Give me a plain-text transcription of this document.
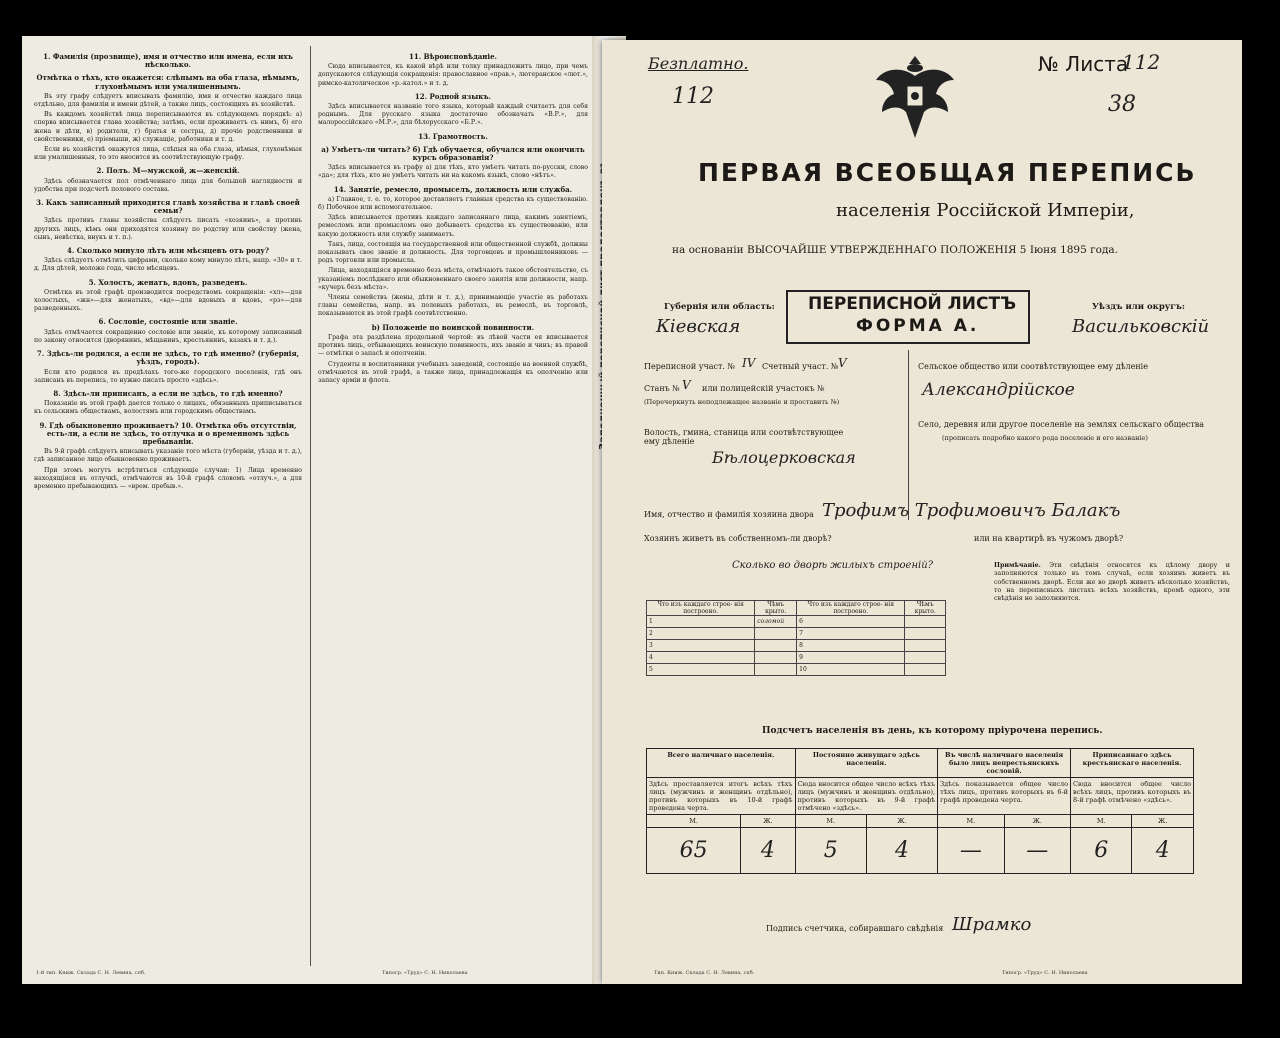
1. Фамилія (прозвище), имя и отчество или имена, если ихъ нѣсколько.
Отмѣтка о тѣхъ, кто окажется: слѣпымъ на оба глаза, нѣмымъ, глухонѣмымъ или умалишеннымъ.

Въ эту графу слѣдуетъ вписывать фамилію, имя и отчество каждаго лица отдѣльно, для фамиліи и имени дѣтей, а также лицъ, состоящихъ въ хозяйствѣ.

Въ каждомъ хозяйствѣ лица переписываются въ слѣдующемъ порядкѣ: а) сперва вписывается глава хозяйства; затѣмъ, если проживаетъ съ нимъ, б) его жена и дѣти, в) родители, г) братья и сестры, д) прочіе родственники и свойственники, е) пріемыши, ж) служащіе, работники и т. д.

Если въ хозяйствѣ окажутся лица, слѣпыя на оба глаза, нѣмыя, глухонѣмыя или умалишенныя, то это вносится въ соотвѣтствующую графу.

2. Полъ. М—мужской, ж—женскій.

Здѣсь обозначается пол отмѣченнаго лица для большей наглядности и удобства при подсчетѣ полового состава.

3. Какъ записанный приходится главѣ хозяйства и главѣ своей семьи?

Здѣсь противъ главы хозяйства слѣдуетъ писать «хозяинъ», а противъ другихъ лицъ, кѣмъ они приходятся хозяину по родству или свойству (жена, сынъ, невѣстка, внукъ и т. п.).

4. Сколько минуло лѣтъ или мѣсяцевъ отъ роду?

Здѣсь слѣдуетъ отмѣтить цифрами, сколько кому минуло лѣтъ, напр. «30» и т. д. Для дѣтей, моложе года, число мѣсяцевъ.

5. Холостъ, женатъ, вдовъ, разведенъ.

Отмѣтка въ этой графѣ производится посредствомъ сокращенія: «хл»—для холостыхъ, «жн»—для женатыхъ, «вд»—для вдовыхъ и вдовъ, «рз»—для разведенныхъ.

6. Сословіе, состояніе или званіе.

Здѣсь отмѣчается сокращенно сословіе или званіе, къ которому записанный по закону относится (дворянинъ, мѣщанинъ, крестьянинъ, казакъ и т. д.).

7. Здѣсь-ли родился, а если не здѣсь, то гдѣ именно? (губернія, уѣздъ, городъ).

Если кто родился въ предѣлахъ того-же городского поселенія, гдѣ онъ записанъ въ перепись, то нужно писать просто «здѣсь».

8. Здѣсь-ли приписанъ, а если не здѣсь, то гдѣ именно?

Показаніе въ этой графѣ дается только о лицахъ, обязанныхъ приписываться къ сельскимъ обществамъ, волостямъ или городскимъ обществамъ.

9. Гдѣ обыкновенно проживаетъ? 10. Отмѣтка объ отсутствіи, есть-ли, а если не здѣсь, то отлучка и о временномъ здѣсь пребываніи.

Въ 9-й графѣ слѣдуетъ вписывать указаніе того мѣста (губерніи, уѣзда и т. д.), гдѣ записанное лицо обыкновенно проживаетъ.

При этомъ могутъ встрѣтиться слѣдующіе случаи: 1) Лица временно находящіяся въ отлучкѣ, отмѣчаются въ 10-й графѣ словомъ «отлуч.», а для временно пребывающихъ — «врем. пребыв.».

11. Вѣроисповѣданіе.

Сюда вписывается, къ какой вѣрѣ или толку принадлежитъ лицо, при чемъ допускаются слѣдующія сокращенія: православное «прав.», лютеранское «лют.», римско-католическое «р.-катол.» и т. д.

12. Родной языкъ.

Здѣсь вписывается названіе того языка, который каждый считаетъ для себя роднымъ. Для русскаго языка достаточно обозначать «В.Р.», для малороссійскаго «М.Р.», для бѣлорусскаго «Б.Р.».

13. Грамотность.
а) Умѣетъ-ли читать? б) Гдѣ обучается, обучался или окончилъ курсъ образованія?

Здѣсь вписывается въ графу а) для тѣхъ, кто умѣетъ читать по-русски, слово «да»; для тѣхъ, кто не умѣетъ читать ни на какомъ языкѣ, слово «нѣтъ».

14. Занятіе, ремесло, промыселъ, должность или служба.

а) Главное, т. е. то, которое доставляетъ главныя средства къ существованію. б) Побочное или вспомогательное.

Здѣсь вписывается противъ каждаго записаннаго лица, какимъ занятіемъ, ремесломъ или промысломъ оно добываетъ средства къ существованію, или какую должность или службу занимаетъ.

Такъ, лица, состоящія на государственной или общественной службѣ, должны показывать свое званіе и должность. Для торговцевъ и промышленниковъ — родъ торговли или промысла.

Лица, находящіяся временно безъ мѣста, отмѣчаютъ такое обстоятельство, съ указаніемъ послѣдняго или обыкновеннаго своего занятія или должности, напр. «кучеръ безъ мѣста».

Члены семействъ (жены, дѣти и т. д.), принимающіе участіе въ работахъ главы семейства, напр. въ полевыхъ работахъ, въ ремеслѣ, въ торговлѣ, показываются въ этой графѣ соотвѣтственно.

b) Положеніе по воинской повинности.

Графа эта раздѣлена продольной чертой: въ лѣвой части ея вписывается противъ лицъ, отбывающихъ воинскую повинность, ихъ званіе и чинъ; въ правой — отмѣтки о запасѣ и ополченіи.

Студенты и воспитанники учебныхъ заведеній, состоящіе на военной службѣ, отмѣчаются въ этой графѣ, а также лица, принадлежащія къ ополченію или запасу арміи и флота.

1-й тип. Книж. Склада С. Н. Левина, спб.	Типогр. «Труд» С. Н. Николаева
Безплатно.	№ Листа
112
38
112
ПЕРВАЯ ВСЕОБЩАЯ ПЕРЕПИСЬ
населенія Россійской Имперіи,
на основаніи ВЫСОЧАЙШЕ УТВЕРЖДЕННАГО ПОЛОЖЕНІЯ 5 Іюня 1895 года.
Губернія или область:
Кіевская
ПЕРЕПИСНОЙ ЛИСТЪ
ФОРМА А.
Уѣздъ или округъ:
Васильковскій
Переписной участ. № IV Счетный участ. № V
Станъ № V или полицейскій участокъ №
(Перечеркнуть неподлежащее названіе и проставить №)
Сельское общество или соотвѣтствующее ему дѣленіе
Александрійское
Село, деревня или другое поселеніе на землях сельскаго общества
(прописать подробно какого рода поселеніе и его названіе)
Волость, гмина, станица или соотвѣтствующее ему дѣленіе
Бѣлоцерковская
Имя, отчество и фамилія хозяина двора Трофимъ Трофимовичъ Балакъ
Хозяинъ живетъ въ собственномъ-ли дворѣ?	или на квартирѣ въ чужомъ дворѣ?
Сколько во дворѣ жилыхъ строеній?
Что изъ каждаго строе- нія построено.	Чѣмъ крыто.	Что изъ каждаго строе- нія построено.	Чѣмъ крыто.
1	соломой	6	
2		7	
3		8	
4		9	
5		10	
Примѣчаніе. Эти свѣдѣнія относятся къ цѣлому двору и заполняются только въ томъ случаѣ, если хозяинъ живетъ въ собственномъ дворѣ. Если же во дворѣ живетъ нѣсколько хозяйствъ, то на переписныхъ листахъ всѣхъ хозяйствъ, кромѣ одного, эти свѣдѣнія не заполняются.
Подсчетъ населенія въ день, къ которому пріурочена перепись.
Всего наличнаго населенія.		Постоянно живущаго здѣсь населенія.		Въ числѣ наличнаго населенія было лицъ непрестьянскихъ сословій.		Приписаннаго здѣсь крестьянскаго населенія.	
Здѣсь проставляется итогъ всѣхъ тѣхъ лицъ (мужчинъ и женщинъ отдѣльно), противъ которыхъ въ 10-й графѣ проведена черта.		Сюда вносится общее число всѣхъ тѣхъ лицъ (мужчинъ и женщинъ отдѣльно), противъ которыхъ въ 9-й графѣ отмѣчено «здѣсь».		Здѣсь показывается общее число тѣхъ лицъ, противъ которыхъ въ 6-й графѣ проведена черта.		Сюда вносится общее число всѣхъ лицъ, противъ которыхъ въ 8-й графѣ отмѣчено «здѣсь».	
М.	Ж.	М.	Ж.	М.	Ж.	М.	Ж.
65	4	5	4	—	—	6	4
Подпись счетчика, собиравшаго свѣдѣнія Шрамко
Тип. Книж. Склада С. Н. Левина, спб.	Типогр. «Труд» С. Н. Николаева
